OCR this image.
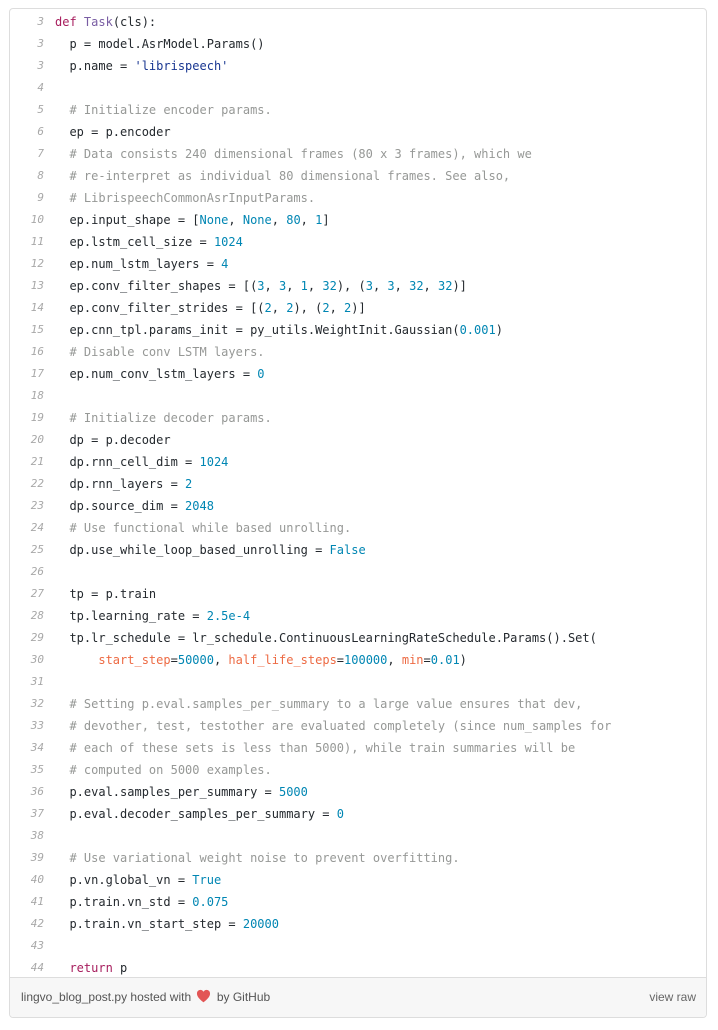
3 def Task(cls):
3 p = model.AsrModel.Params()
3 p.name = 'librispeech'
4
5 # Initialize encoder params.
6 ep = p.encoder
7 # Data consists 240 dimensional frames (80 x 3 frames), which we
8 # re-interpret as individual 80 dimensional frames. See also,
9 # LibrispeechCommonAsrInputParams.
10 ep.input_shape = [None, None, 80, 1]
11 ep.lstm_cell_size = 1024
12 ep.num_lstm_layers = 4
13 ep.conv_filter_shapes = [(3, 3, 1, 32), (3, 3, 32, 32)]
14 ep.conv_filter_strides = [(2, 2), (2, 2)]
15 ep.cnn_tpl.params_init = py_utils.WeightInit.Gaussian(0.001)
16 # Disable conv LSTM layers.
17 ep.num_conv_lstm_layers = 0
18
19 # Initialize decoder params.
20 dp = p.decoder
21 dp.rnn_cell_dim = 1024
22 dp.rnn_layers = 2
23 dp.source_dim = 2048
24 # Use functional while based unrolling.
25 dp.use_while_loop_based_unrolling = False
26
27 tp = p.train
28 tp.learning_rate = 2.5e-4
29 tp.lr_schedule = lr_schedule.ContinuousLearningRateSchedule.Params().Set(
30	start_step=50000, half_life_steps=100000, min=0.01)
31
32 # Setting p.eval.samples_per_summary to a large value ensures that dev,
33 # devother, test, testother are evaluated completely (since num_samples for
34 # each of these sets is less than 5000), while train summaries will be
35 # computed on 5000 examples.
36 p.eval.samples_per_summary = 5000
37 p.eval.decoder_samples_per_summary = 0
38
39 # Use variational weight noise to prevent overfitting.
40 p.vn.global_vn = True
41 p.train.vn_std = 0.075
42 p.train.vn_start_step = 20000
43
44	return p
lingvo_blog_post.py hosted with by GitHub	view raw
